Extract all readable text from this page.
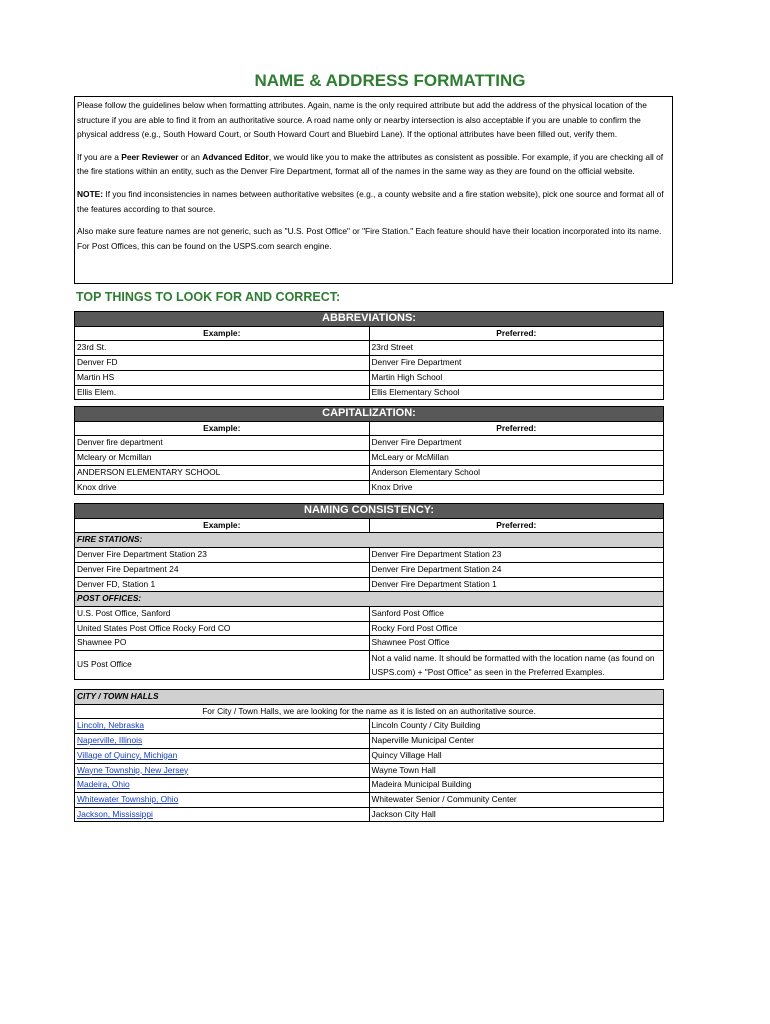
NAME & ADDRESS FORMATTING

Please follow the guidelines below when formatting attributes. Again, name is the only required attribute but add the address of the physical location of the structure if you are able to find it from an authoritative source. A road name only or nearby intersection is also acceptable if you are unable to confirm the physical address (e.g., South Howard Court, or South Howard Court and Bluebird Lane). If the optional attributes have been filled out, verify them.

If you are a Peer Reviewer or an Advanced Editor, we would like you to make the attributes as consistent as possible. For example, if you are checking all of the fire stations within an entity, such as the Denver Fire Department, format all of the names in the same way as they are found on the official website.

NOTE: If you find inconsistencies in names between authoritative websites (e.g., a county website and a fire station website), pick one source and format all of the features according to that source.

Also make sure feature names are not generic, such as "U.S. Post Office" or "Fire Station." Each feature should have their location incorporated into its name. For Post Offices, this can be found on the USPS.com search engine.

TOP THINGS TO LOOK FOR AND CORRECT:
ABBREVIATIONS:	
Example:	Preferred:
23rd St.	23rd Street
Denver FD	Denver Fire Department
Martin HS	Martin High School
Ellis Elem.	Ellis Elementary School
CAPITALIZATION:	
Example:	Preferred:
Denver fire department	Denver Fire Department
Mcleary or Mcmillan	McLeary or McMillan
ANDERSON ELEMENTARY SCHOOL	Anderson Elementary School
Knox drive	Knox Drive
NAMING CONSISTENCY:	
Example:	Preferred:
FIRE STATIONS:	
Denver Fire Department Station 23	Denver Fire Department Station 23
Denver Fire Department 24	Denver Fire Department Station 24
Denver FD, Station 1	Denver Fire Department Station 1
POST OFFICES:	
U.S. Post Office, Sanford	Sanford Post Office
United States Post Office Rocky Ford CO	Rocky Ford Post Office
Shawnee PO	Shawnee Post Office
US Post Office	Not a valid name. It should be formatted with the location name (as found on USPS.com) + "Post Office" as seen in the Preferred Examples.
CITY / TOWN HALLS	
For City / Town Halls, we are looking for the name as it is listed on an authoritative source.	
Lincoln, Nebraska	Lincoln County / City Building
Naperville, Illinois	Naperville Municipal Center
Village of Quincy, Michigan	Quincy Village Hall
Wayne Township, New Jersey	Wayne Town Hall
Madeira, Ohio	Madeira Municipal Building
Whitewater Township, Ohio	Whitewater Senior / Community Center
Jackson, Mississippi	Jackson City Hall
